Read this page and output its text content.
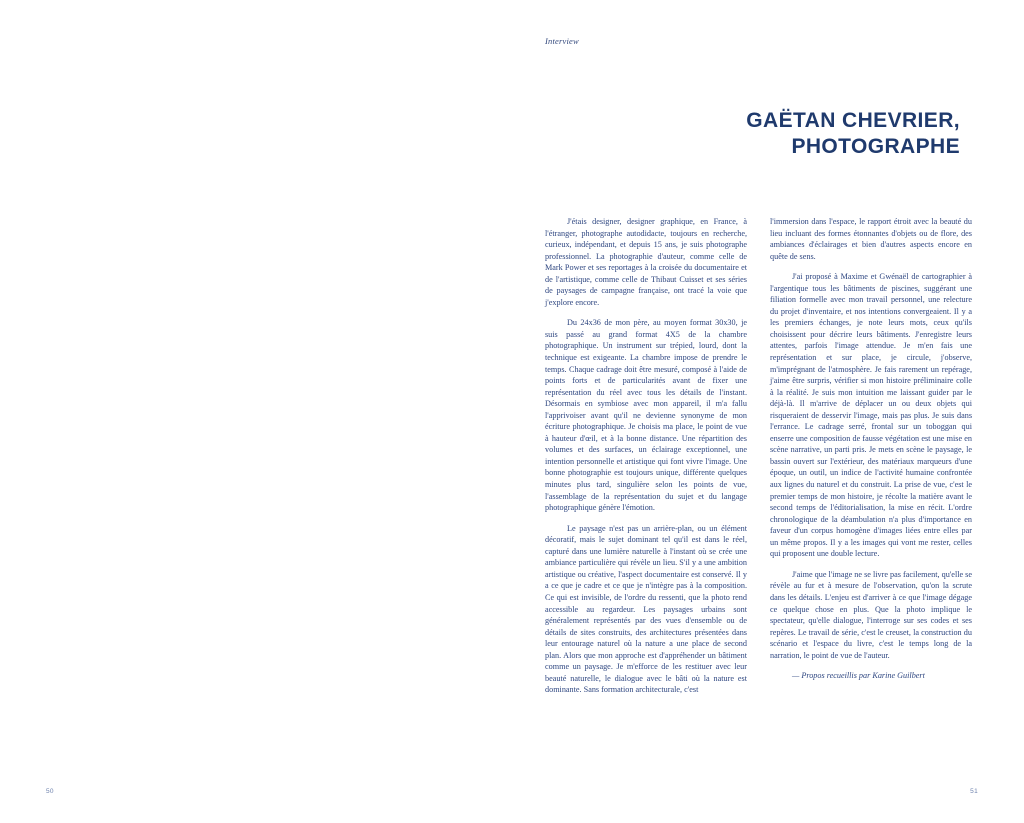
Interview
GAËTAN CHEVRIER,
PHOTOGRAPHE

J'étais designer, designer graphique, en France, à l'étranger, photographe autodidacte, toujours en recherche, curieux, indépendant, et depuis 15 ans, je suis photographe professionnel. La photographie d'auteur, comme celle de Mark Power et ses reportages à la croisée du documentaire et de l'artistique, comme celle de Thibaut Cuisset et ses séries de paysages de campagne française, ont tracé la voie que j'explore encore.

Du 24x36 de mon père, au moyen format 30x30, je suis passé au grand format 4X5 de la chambre photographique. Un instrument sur trépied, lourd, dont la technique est exigeante. La chambre impose de prendre le temps. Chaque cadrage doit être mesuré, composé à l'aide de points forts et de particularités avant de fixer une représentation du réel avec tous les détails de l'instant. Désormais en symbiose avec mon appareil, il m'a fallu l'apprivoiser avant qu'il ne devienne synonyme de mon écriture photographique. Je choisis ma place, le point de vue à hauteur d'œil, et à la bonne distance. Une répartition des volumes et des surfaces, un éclairage exceptionnel, une intention personnelle et artistique qui font vivre l'image. Une bonne photographie est toujours unique, différente quelques minutes plus tard, singulière selon les points de vue, l'assemblage de la représentation du sujet et du langage photographique génère l'émotion.

Le paysage n'est pas un arrière-plan, ou un élément décoratif, mais le sujet dominant tel qu'il est dans le réel, capturé dans une lumière naturelle à l'instant où se crée une ambiance particulière qui révèle un lieu. S'il y a une ambition artistique ou créative, l'aspect documentaire est conservé. Il y a ce que je cadre et ce que je n'intègre pas à la composition. Ce qui est invisible, de l'ordre du ressenti, que la photo rend accessible au regardeur. Les paysages urbains sont généralement représentés par des vues d'ensemble ou de détails de sites construits, des architectures présentées dans leur entourage naturel où la nature a une place de second plan. Alors que mon approche est d'appréhender un bâtiment comme un paysage. Je m'efforce de les restituer avec leur beauté naturelle, le dialogue avec le bâti où la nature est dominante. Sans formation architecturale, c'est

l'immersion dans l'espace, le rapport étroit avec la beauté du lieu incluant des formes étonnantes d'objets ou de flore, des ambiances d'éclairages et bien d'autres aspects encore en quête de sens.

J'ai proposé à Maxime et Gwénaël de cartographier à l'argentique tous les bâtiments de piscines, suggérant une filiation formelle avec mon travail personnel, une relecture du projet d'inventaire, et nos intentions convergeaient. Il y a les premiers échanges, je note leurs mots, ceux qu'ils choisissent pour décrire leurs bâtiments. J'enregistre leurs attentes, parfois l'image attendue. Je m'en fais une représentation et sur place, je circule, j'observe, m'imprégnant de l'atmosphère. Je fais rarement un repérage, j'aime être surpris, vérifier si mon histoire préliminaire colle à la réalité. Je suis mon intuition me laissant guider par le déjà-là. Il m'arrive de déplacer un ou deux objets qui risqueraient de desservir l'image, mais pas plus. Je suis dans l'errance. Le cadrage serré, frontal sur un toboggan qui enserre une composition de fausse végétation est une mise en scène narrative, un parti pris. Je mets en scène le paysage, le bassin ouvert sur l'extérieur, des matériaux marqueurs d'une époque, un outil, un indice de l'activité humaine confrontée aux lignes du naturel et du construit. La prise de vue, c'est le premier temps de mon histoire, je récolte la matière avant le second temps de l'éditorialisation, la mise en récit. L'ordre chronologique de la déambulation n'a plus d'importance en faveur d'un corpus homogène d'images liées entre elles par un même propos. Il y a les images qui vont me rester, celles qui proposent une double lecture.

J'aime que l'image ne se livre pas facilement, qu'elle se révèle au fur et à mesure de l'observation, qu'on la scrute dans les détails. L'enjeu est d'arriver à ce que l'image dégage ce quelque chose en plus. Que la photo implique le spectateur, qu'elle dialogue, l'interroge sur ses codes et ses repères. Le travail de série, c'est le creuset, la construction du scénario et l'espace du livre, c'est le temps long de la narration, le point de vue de l'auteur.

— Propos recueillis par Karine Guilbert

50	51
